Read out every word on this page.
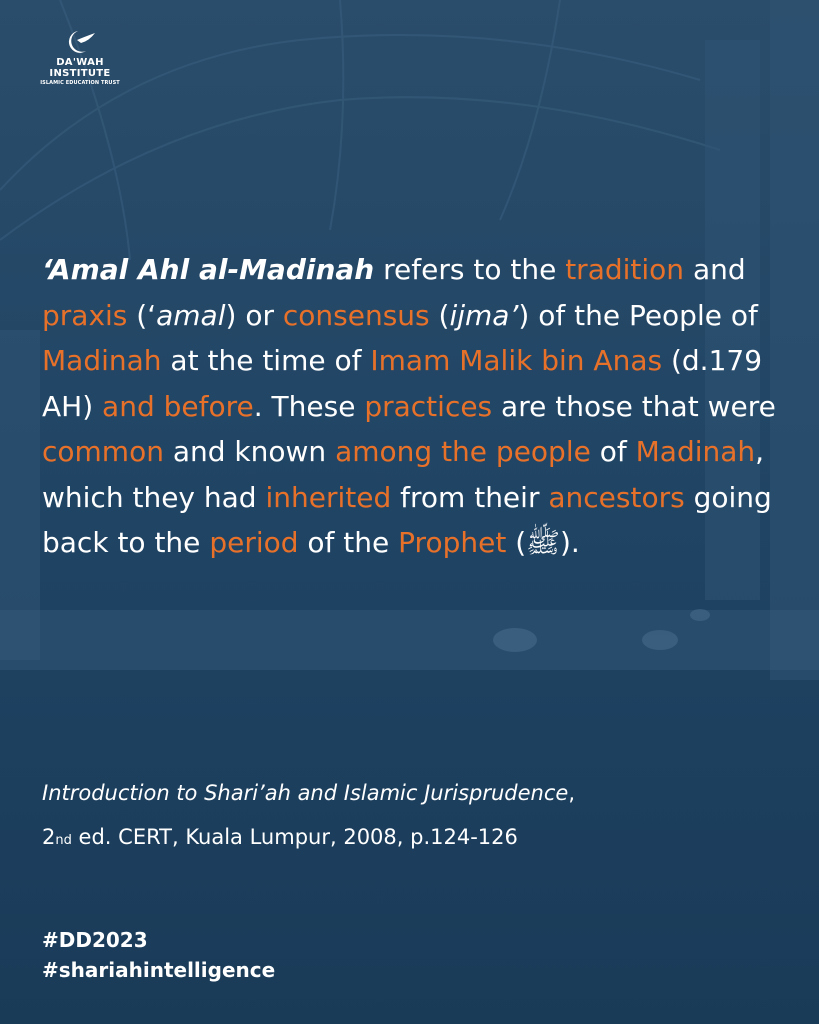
DA'WAH
INSTITUTE
ISLAMIC EDUCATION TRUST

‘Amal Ahl al-Madinah refers to the tradition and praxis (‘amal) or consensus (ijma’) of the People of Madinah at the time of Imam Malik bin Anas (d.179 AH) and before. These practices are those that were common and known among the people of Madinah, which they had inherited from their ancestors going back to the period of the Prophet (ﷺ).

Introduction to Shari’ah and Islamic Jurisprudence,
2nd ed. CERT, Kuala Lumpur, 2008, p.124-126
#DD2023
#shariahintelligence
